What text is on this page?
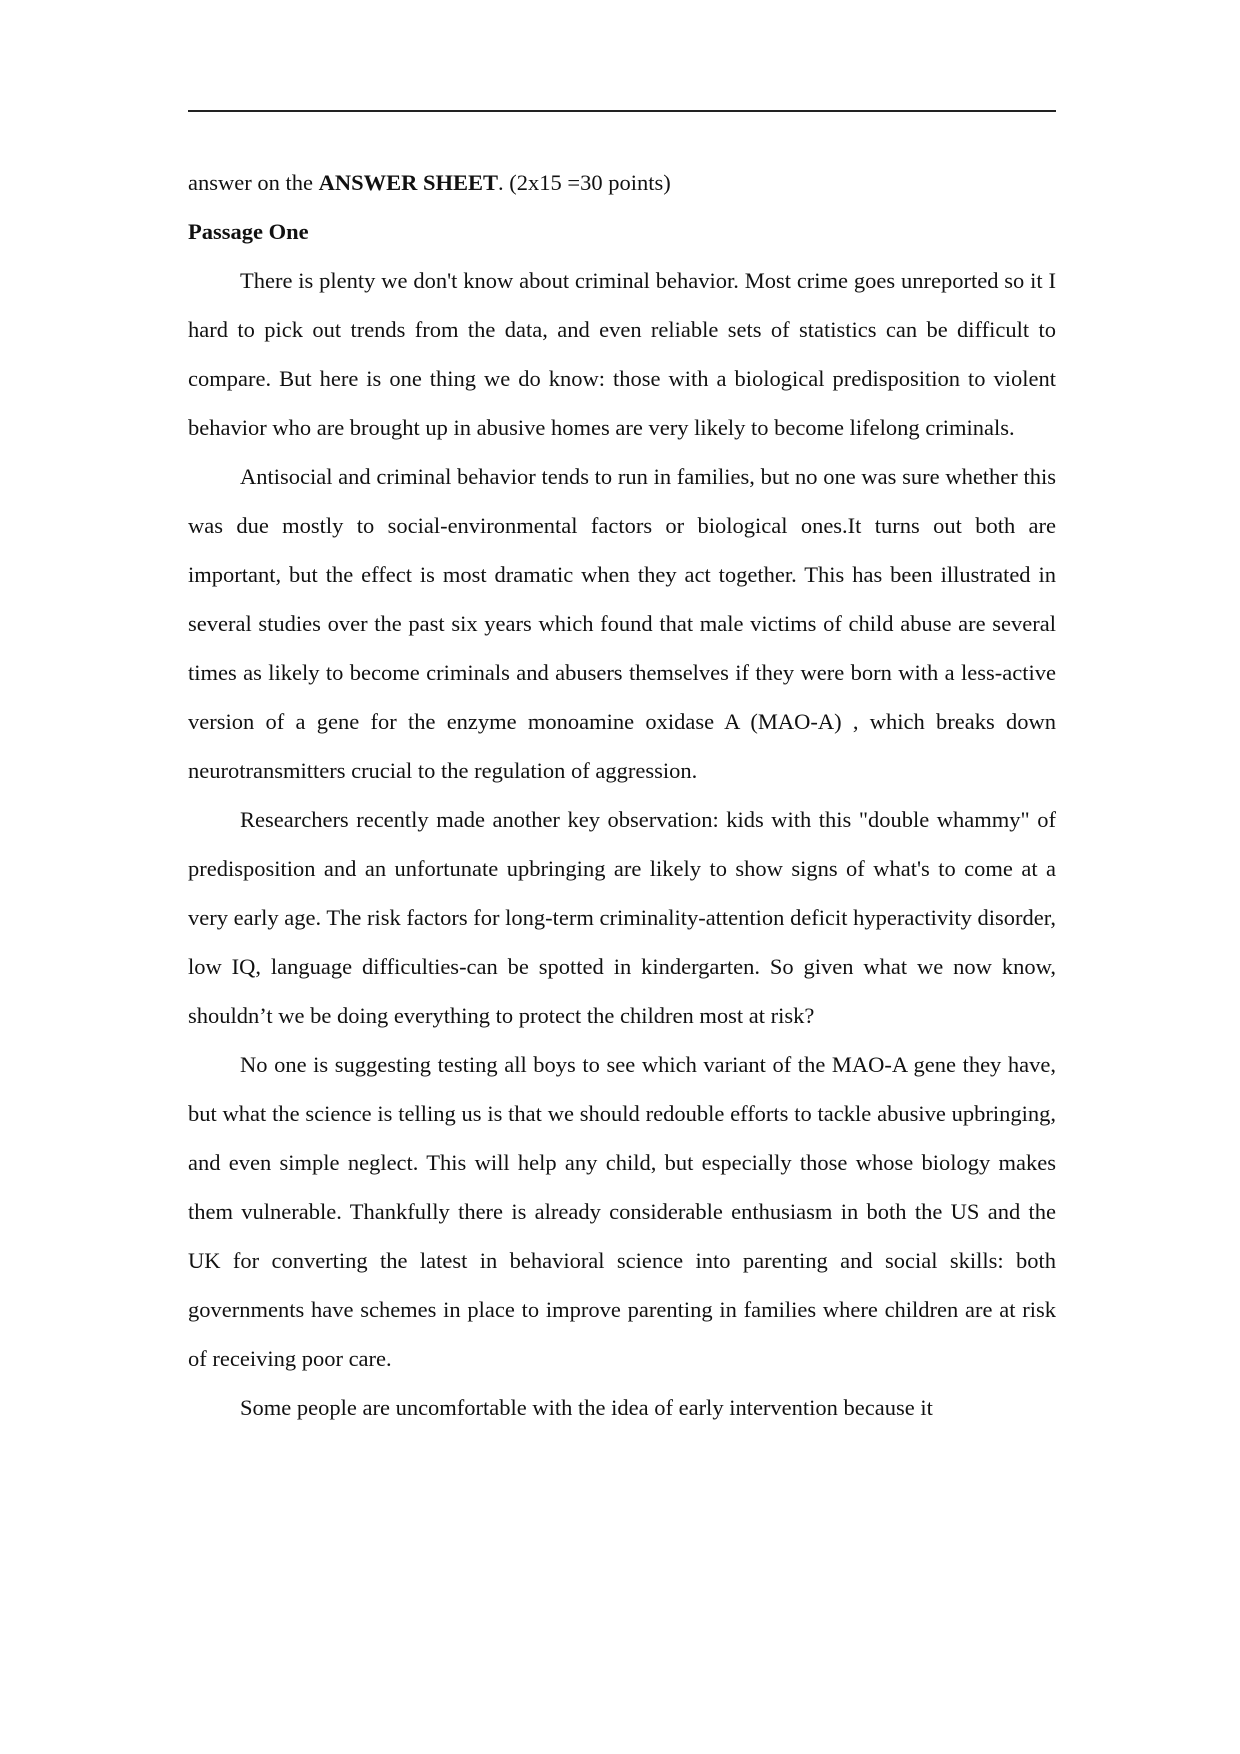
answer on the ANSWER SHEET. (2x15 =30 points)

Passage One

There is plenty we don't know about criminal behavior. Most crime goes unreported so it I hard to pick out trends from the data, and even reliable sets of statistics can be difficult to compare. But here is one thing we do know: those with a biological predisposition to violent behavior who are brought up in abusive homes are very likely to become lifelong criminals.

Antisocial and criminal behavior tends to run in families, but no one was sure whether this was due mostly to social-environmental factors or biological ones.It turns out both are important, but the effect is most dramatic when they act together. This has been illustrated in several studies over the past six years which found that male victims of child abuse are several times as likely to become criminals and abusers themselves if they were born with a less-active version of a gene for the enzyme monoamine oxidase A (MAO-A) , which breaks down neurotransmitters crucial to the regulation of aggression.

Researchers recently made another key observation: kids with this "double whammy" of predisposition and an unfortunate upbringing are likely to show signs of what's to come at a very early age. The risk factors for long-term criminality-attention deficit hyperactivity disorder, low IQ, language difficulties-can be spotted in kindergarten. So given what we now know, shouldn’t we be doing everything to protect the children most at risk?

No one is suggesting testing all boys to see which variant of the MAO-A gene they have, but what the science is telling us is that we should redouble efforts to tackle abusive upbringing, and even simple neglect. This will help any child, but especially those whose biology makes them vulnerable. Thankfully there is already considerable enthusiasm in both the US and the UK for converting the latest in behavioral science into parenting and social skills: both governments have schemes in place to improve parenting in families where children are at risk of receiving poor care.

Some people are uncomfortable with the idea of early intervention because it
